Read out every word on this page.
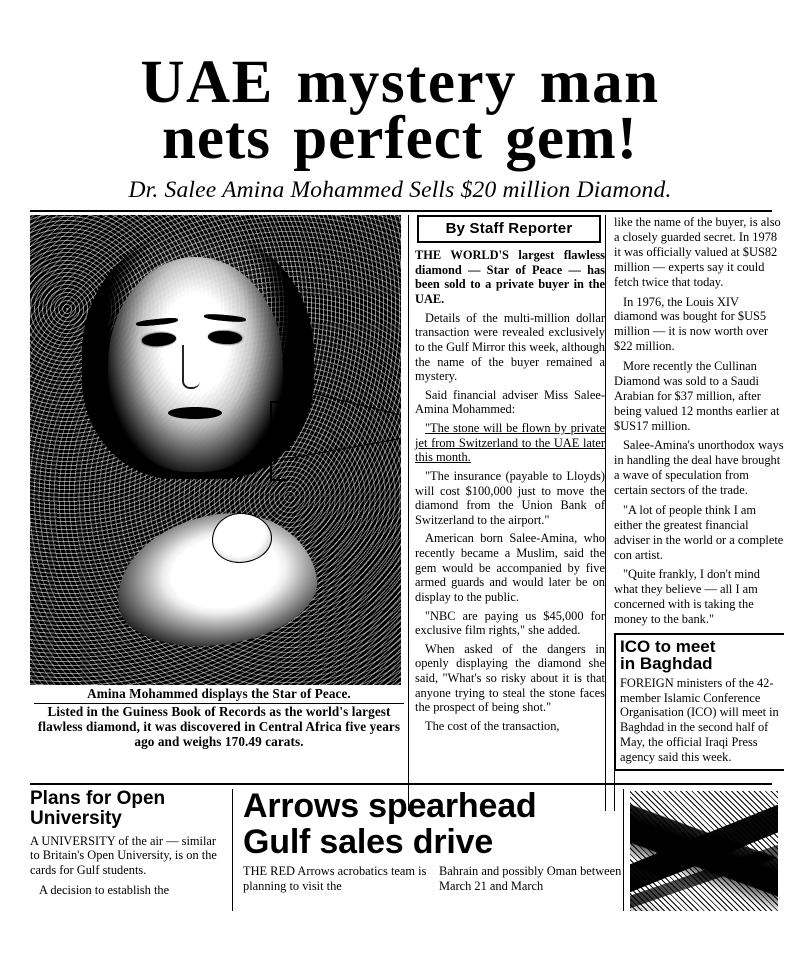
UAE mystery man
nets perfect gem!
Dr. Salee Amina Mohammed Sells $20 million Diamond.
Amina Mohammed displays the Star of Peace.
Listed in the Guiness Book of Records as the world's largest
flawless diamond, it was discovered in Central Africa five years
ago and weighs 170.49 carats.
By Staff Reporter

THE WORLD'S largest flawless diamond — Star of Peace — has been sold to a private buyer in the UAE.

Details of the multi-million dollar transaction were revealed exclusively to the Gulf Mirror this week, although the name of the buyer remained a mystery.

Said financial adviser Miss Salee-Amina Mohammed:

"The stone will be flown by private jet from Switzerland to the UAE later this month.

"The insurance (payable to Lloyds) will cost $100,000 just to move the diamond from the Union Bank of Switzerland to the airport."

American born Salee-Amina, who recently became a Muslim, said the gem would be accompanied by five armed guards and would later be on display to the public.

"NBC are paying us $45,000 for exclusive film rights," she added.

When asked of the dangers in openly displaying the diamond she said, "What's so risky about it is that anyone trying to steal the stone faces the prospect of being shot."

The cost of the transaction,

like the name of the buyer, is also a closely guarded secret. In 1978 it was officially valued at $US82 million — experts say it could fetch twice that today.

In 1976, the Louis XIV diamond was bought for $US5 million — it is now worth over $22 million.

More recently the Cullinan Diamond was sold to a Saudi Arabian for $37 million, after being valued 12 months earlier at $US17 million.

Salee-Amina's unorthodox ways in handling the deal have brought a wave of speculation from certain sectors of the trade.

"A lot of people think I am either the greatest financial adviser in the world or a complete con artist.

"Quite frankly, I don't mind what they believe — all I am concerned with is taking the money to the bank."

ICO to meet
in Baghdad

FOREIGN ministers of the 42-member Islamic Conference Organisation (ICO) will meet in Baghdad in the second half of May, the official Iraqi Press agency said this week.

Plans for Open
University

A UNIVERSITY of the air — similar to Britain's Open University, is on the cards for Gulf students.

A decision to establish the

Arrows spearhead
Gulf sales drive

THE RED Arrows acrobatics team is planning to visit the

Bahrain and possibly Oman between March 21 and March
